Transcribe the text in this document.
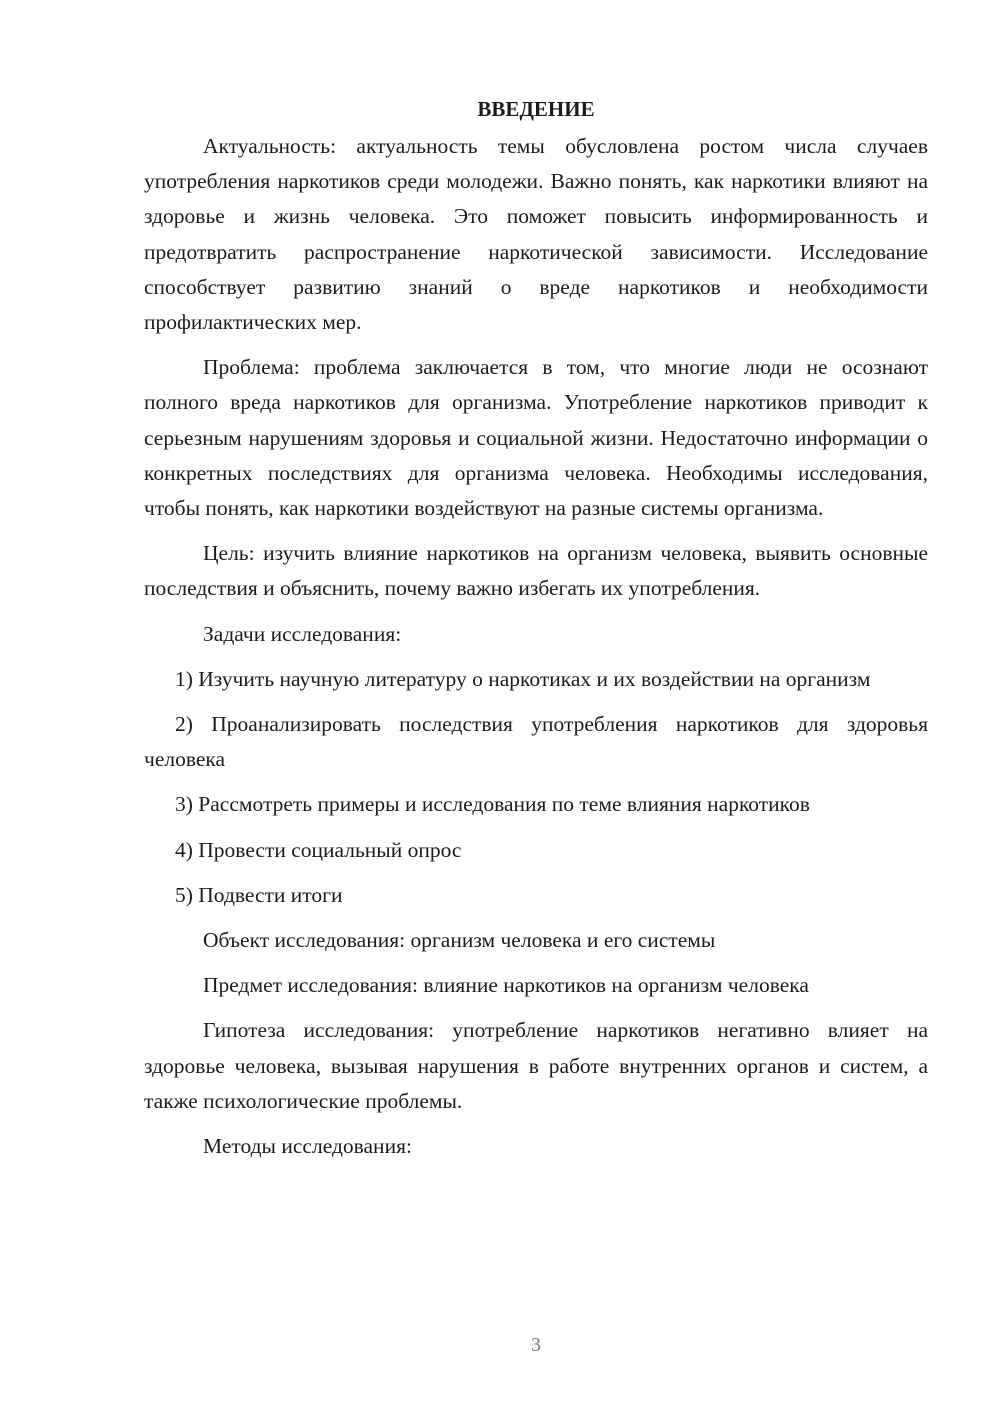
ВВЕДЕНИЕ

Актуальность: актуальность темы обусловлена ростом числа случаев употребления наркотиков среди молодежи. Важно понять, как наркотики влияют на здоровье и жизнь человека. Это поможет повысить информированность и предотвратить распространение наркотической зависимости. Исследование способствует развитию знаний о вреде наркотиков и необходимости профилактических мер.

Проблема: проблема заключается в том, что многие люди не осознают полного вреда наркотиков для организма. Употребление наркотиков приводит к серьезным нарушениям здоровья и социальной жизни. Недостаточно информации о конкретных последствиях для организма человека. Необходимы исследования, чтобы понять, как наркотики воздействуют на разные системы организма.

Цель: изучить влияние наркотиков на организм человека, выявить основные последствия и объяснить, почему важно избегать их употребления.

Задачи исследования:

1) Изучить научную литературу о наркотиках и их воздействии на организм

2) Проанализировать последствия употребления наркотиков для здоровья человека

3) Рассмотреть примеры и исследования по теме влияния наркотиков

4) Провести социальный опрос

5) Подвести итоги

Объект исследования: организм человека и его системы

Предмет исследования: влияние наркотиков на организм человека

Гипотеза исследования: употребление наркотиков негативно влияет на здоровье человека, вызывая нарушения в работе внутренних органов и систем, а также психологические проблемы.

Методы исследования:

3
